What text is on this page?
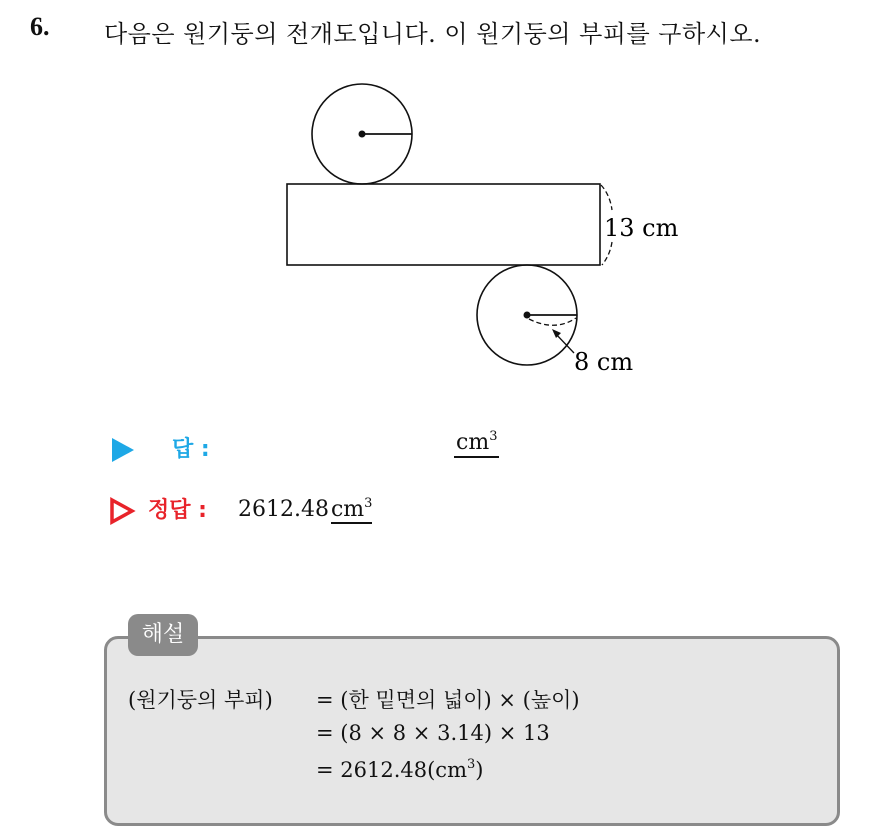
6. 다음은 원기둥의 전개도입니다. 이 원기둥의 부피를 구하시오.
13 cm
8 cm
답 :	$cm^3$
정답 : $2612.48cm^3$
해설
(원기둥의 부피) = (한 밑면의 넓이) × (높이)
= (8 × 8 × 3.14) × 13
= $2612.48(cm^3)$
